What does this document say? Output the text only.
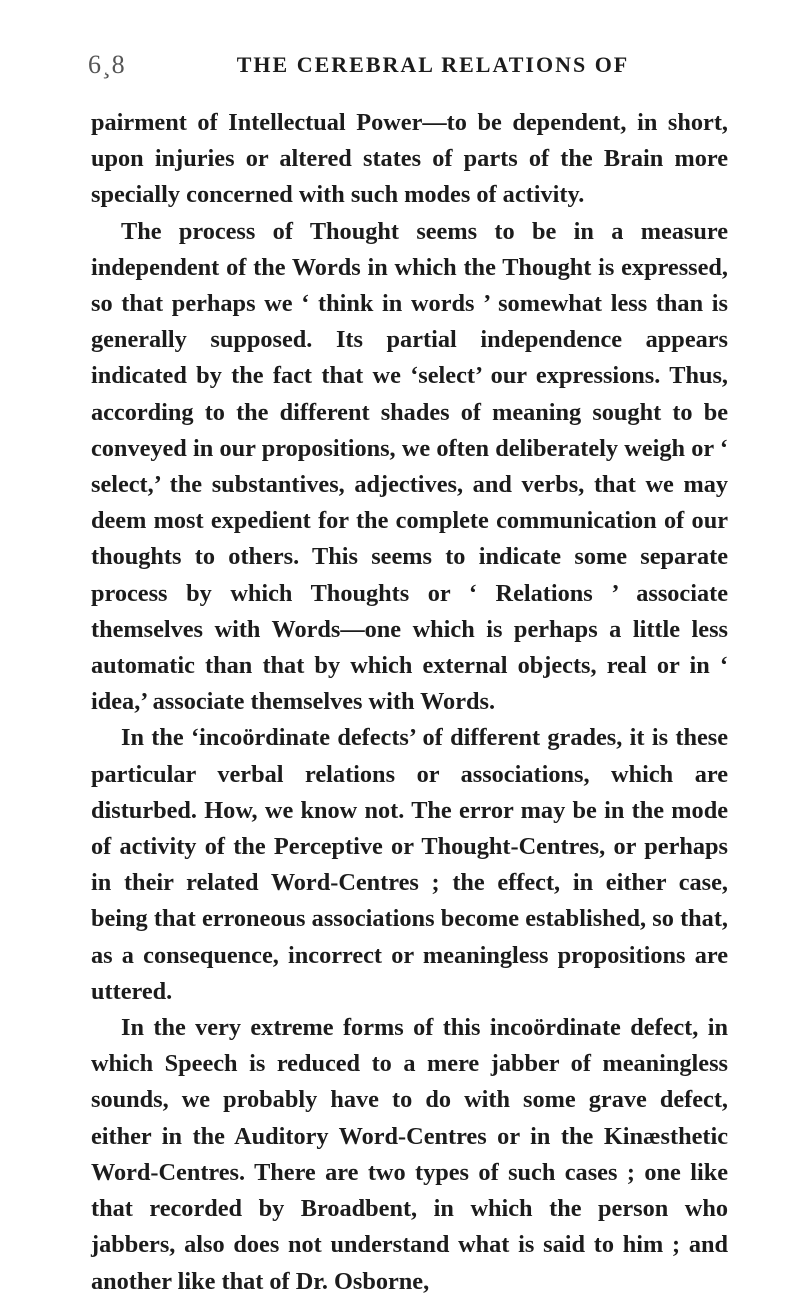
6¸8	THE CEREBRAL RELATIONS OF

pairment of Intellectual Power—to be dependent, in short, upon injuries or altered states of parts of the Brain more specially concerned with such modes of activity.

The process of Thought seems to be in a measure independent of the Words in which the Thought is expressed, so that perhaps we ‘ think in words ’ somewhat less than is generally supposed. Its partial independence appears indicated by the fact that we ‘select’ our expressions. Thus, according to the different shades of meaning sought to be conveyed in our propositions, we often deliberately weigh or ‘ select,’ the substantives, adjectives, and verbs, that we may deem most expedient for the complete communication of our thoughts to others. This seems to indicate some separate process by which Thoughts or ‘ Relations ’ associate themselves with Words—one which is perhaps a little less automatic than that by which external objects, real or in ‘ idea,’ associate themselves with Words.

In the ‘incoördinate defects’ of different grades, it is these particular verbal relations or associations, which are disturbed. How, we know not. The error may be in the mode of activity of the Perceptive or Thought-Centres, or perhaps in their related Word-Centres ; the effect, in either case, being that erroneous associations become established, so that, as a consequence, incorrect or meaningless propositions are uttered.

In the very extreme forms of this incoördinate defect, in which Speech is reduced to a mere jabber of meaningless sounds, we probably have to do with some grave defect, either in the Auditory Word-Centres or in the Kinæsthetic Word-Centres. There are two types of such cases ; one like that recorded by Broadbent, in which the person who jabbers, also does not understand what is said to him ; and another like that of Dr. Osborne,
